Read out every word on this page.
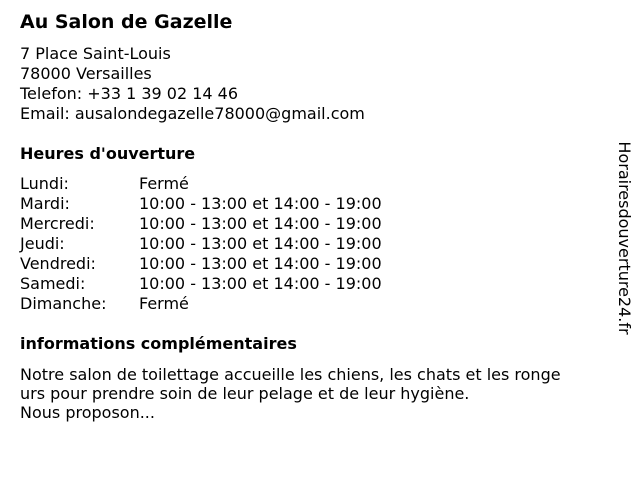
Au Salon de Gazelle
7 Place Saint-Louis
78000 Versailles
Telefon: +33 1 39 02 14 46
Email: ausalondegazelle78000@gmail.com
Heures d'ouverture
Lundi:	Fermé
Mardi:	10:00 - 13:00 et 14:00 - 19:00
Mercredi:	10:00 - 13:00 et 14:00 - 19:00
Jeudi:	10:00 - 13:00 et 14:00 - 19:00
Vendredi:	10:00 - 13:00 et 14:00 - 19:00
Samedi:	10:00 - 13:00 et 14:00 - 19:00
Dimanche:	Fermé
informations complémentaires
Notre salon de toilettage accueille les chiens, les chats et les ronge
urs pour prendre soin de leur pelage et de leur hygiène.
Nous proposon...
Horairesdouverture24.fr
